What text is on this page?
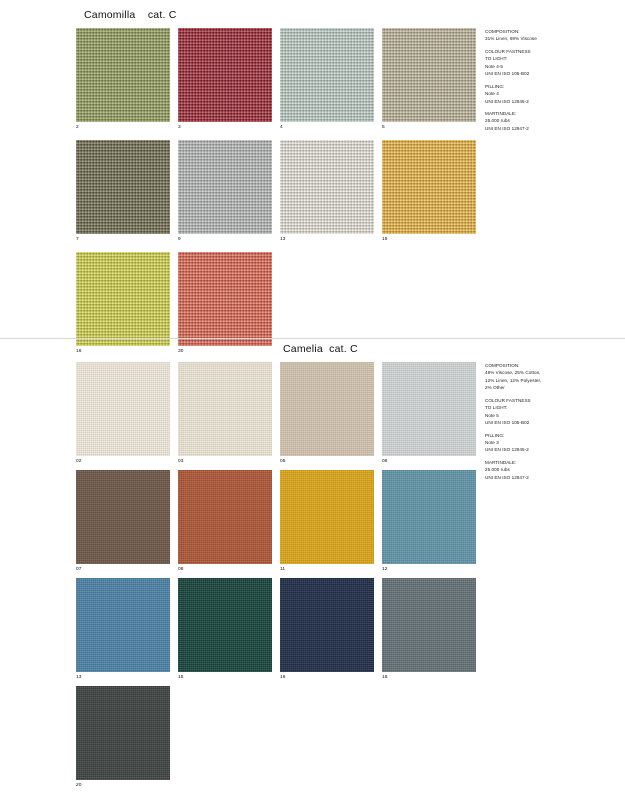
Camomilla    cat. C
COMPOSITION:
31% Linen, 69% Viscose
COLOUR FASTNESS
TO LIGHT:
Note 4-5
UNI EN ISO 105-B02
PILLING:
Note 4
UNI EN ISO 12945-2
MARTINDALE:
25.000 rubs
UNI EN ISO 12947-2
2	3	4	5
7	9	13	15
16	30	Camelia  cat. C
COMPOSITION:
49% Viscose, 25% Cotton,
12% Linen, 12% Polyester,
2% Other
COLOUR FASTNESS
TO LIGHT:
Note 5
UNI EN ISO 105-B02
PILLING:
Note 3
UNI EN ISO 12945-2
MARTINDALE:
25.000 rubs
UNI EN ISO 12947-2
02	03	05	06
07	08	11	12
13	15	16	18
20
